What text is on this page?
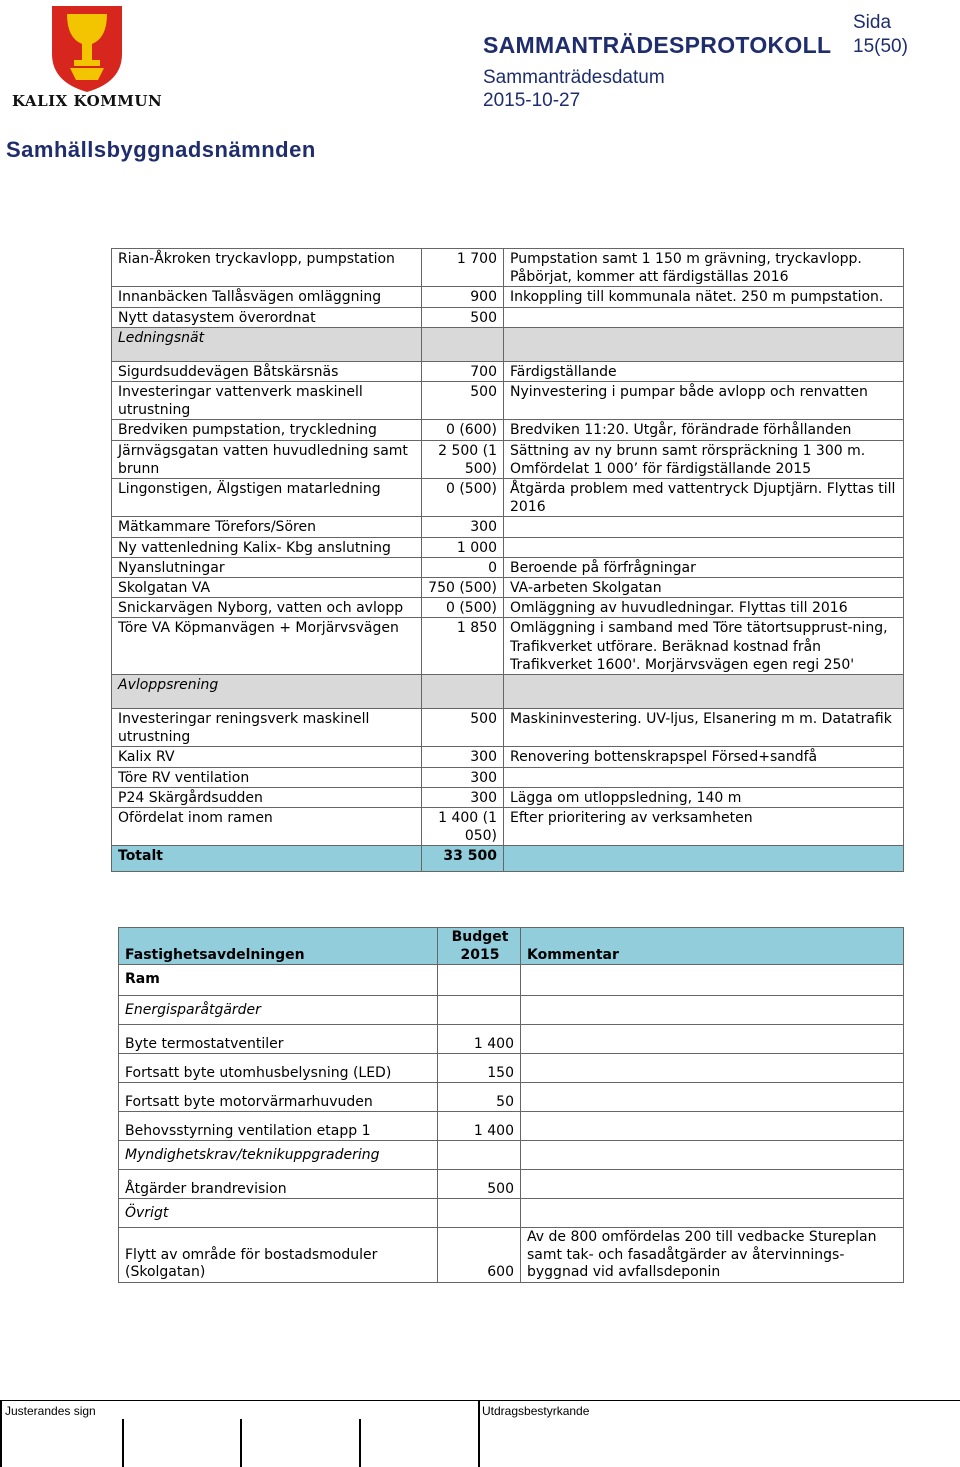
KALIX KOMMUN
SAMMANTRÄDESPROTOKOLL
Sida
15(50)
Sammanträdesdatum
2015-10-27
Samhällsbyggnadsnämnden
Rian-Åkroken tryckavlopp, pumpstation	1 700	Pumpstation samt 1 150 m grävning, tryckavlopp. Påbörjat, kommer att färdigställas 2016
Innanbäcken Tallåsvägen omläggning	900	Inkoppling till kommunala nätet. 250 m pumpstation.
Nytt datasystem överordnat	500	
Ledningsnät		
Sigurdsuddevägen Båtskärsnäs	700	Färdigställande
Investeringar vattenverk maskinell utrustning	500	Nyinvestering i pumpar både avlopp och renvatten
Bredviken pumpstation, tryckledning	0 (600)	Bredviken 11:20. Utgår, förändrade förhållanden
Järnvägsgatan vatten huvudledning samt brunn	2 500 (1 500)	Sättning av ny brunn samt rörspräckning 1 300 m. Omfördelat 1 000’ för färdigställande 2015
Lingonstigen, Älgstigen matarledning	0 (500)	Åtgärda problem med vattentryck Djuptjärn. Flyttas till 2016
Mätkammare Törefors/Sören	300	
Ny vattenledning Kalix- Kbg anslutning	1 000	
Nyanslutningar	0	Beroende på förfrågningar
Skolgatan VA	750 (500)	VA-arbeten Skolgatan
Snickarvägen Nyborg, vatten och avlopp	0 (500)	Omläggning av huvudledningar. Flyttas till 2016
Töre VA Köpmanvägen + Morjärvsvägen	1 850	Omläggning i samband med Töre tätortsupprust-ning, Trafikverket utförare. Beräknad kostnad från Trafikverket 1600'. Morjärvsvägen egen regi 250'
Avloppsrening		
Investeringar reningsverk maskinell utrustning	500	Maskininvestering. UV-ljus, Elsanering m m. Datatrafik
Kalix RV	300	Renovering bottenskrapspel Försed+sandfå
Töre RV ventilation	300	
P24 Skärgårdsudden	300	Lägga om utloppsledning, 140 m
Ofördelat inom ramen	1 400 (1 050)	Efter prioritering av verksamheten
Totalt	33 500	
Fastighetsavdelningen	Budget 2015	Kommentar
Ram		
Energisparåtgärder		
Byte termostatventiler	1 400	
Fortsatt byte utomhusbelysning (LED)	150	
Fortsatt byte motorvärmarhuvuden	50	
Behovsstyrning ventilation etapp 1	1 400	
Myndighetskrav/teknikuppgradering		
Åtgärder brandrevision	500	
Övrigt		
Flytt av område för bostadsmoduler (Skolgatan)	600	Av de 800 omfördelas 200 till vedbacke Stureplan samt tak- och fasadåtgärder av återvinnings-byggnad vid avfallsdeponin
Justerandes sign	Utdragsbestyrkande
